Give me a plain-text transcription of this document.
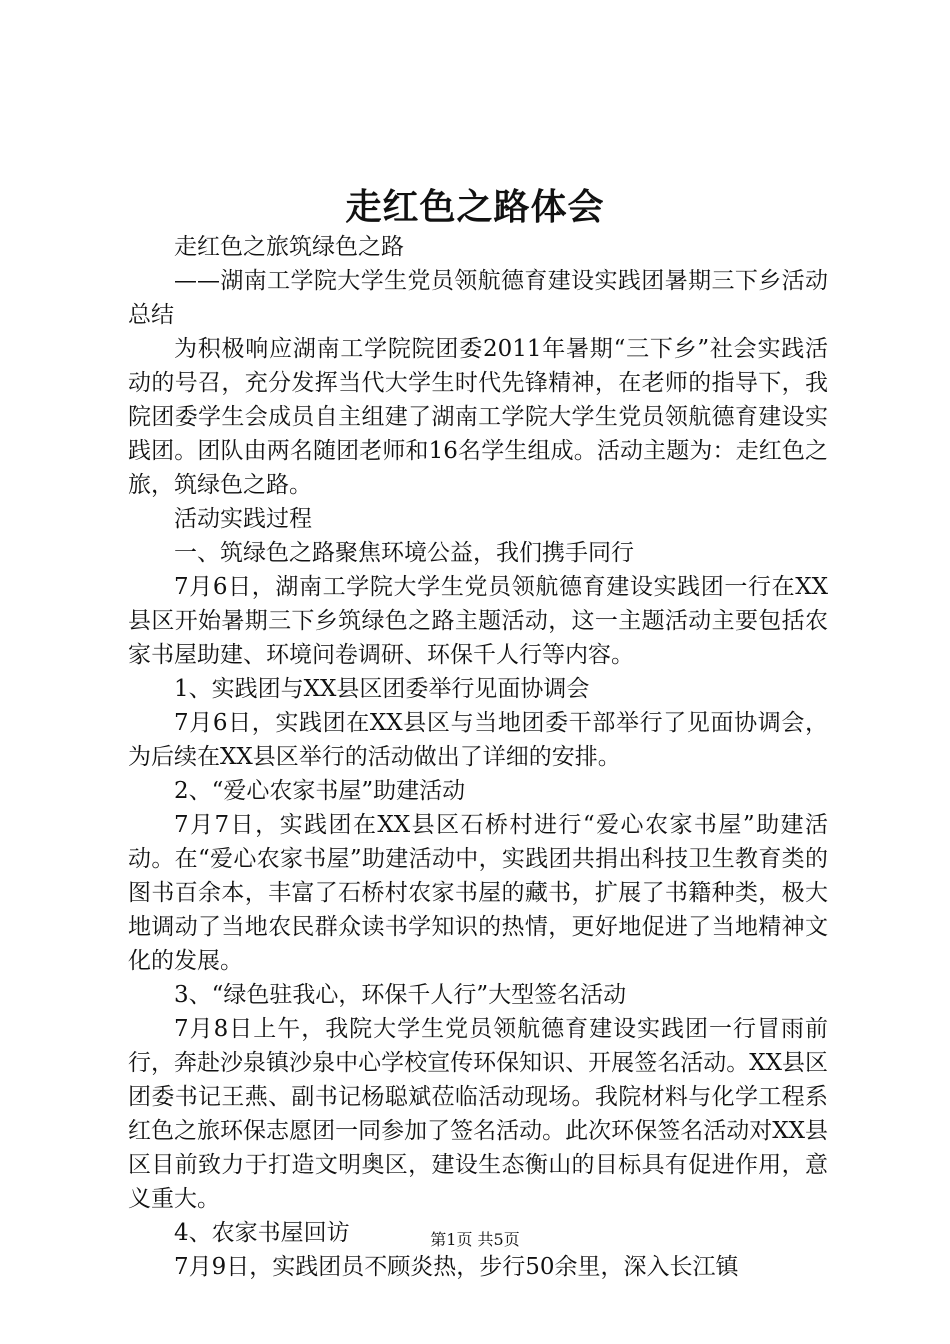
走红色之路体会

走红色之旅筑绿色之路

——湖南工学院大学生党员领航德育建设实践团暑期三下乡活动总结

为积极响应湖南工学院院团委2011年暑期“三下乡”社会实践活动的号召，充分发挥当代大学生时代先锋精神，在老师的指导下，我院团委学生会成员自主组建了湖南工学院大学生党员领航德育建设实践团。团队由两名随团老师和16名学生组成。活动主题为：走红色之旅，筑绿色之路。

活动实践过程

一、筑绿色之路聚焦环境公益，我们携手同行

7月6日，湖南工学院大学生党员领航德育建设实践团一行在XX县区开始暑期三下乡筑绿色之路主题活动，这一主题活动主要包括农家书屋助建、环境问卷调研、环保千人行等内容。

1、实践团与XX县区团委举行见面协调会

7月6日，实践团在XX县区与当地团委干部举行了见面协调会，为后续在XX县区举行的活动做出了详细的安排。

2、“爱心农家书屋”助建活动

7月7日，实践团在XX县区石桥村进行“爱心农家书屋”助建活动。在“爱心农家书屋”助建活动中，实践团共捐出科技卫生教育类的图书百余本，丰富了石桥村农家书屋的藏书，扩展了书籍种类，极大地调动了当地农民群众读书学知识的热情，更好地促进了当地精神文化的发展。

3、“绿色驻我心，环保千人行”大型签名活动

7月8日上午，我院大学生党员领航德育建设实践团一行冒雨前行，奔赴沙泉镇沙泉中心学校宣传环保知识、开展签名活动。XX县区团委书记王燕、副书记杨聪斌莅临活动现场。我院材料与化学工程系红色之旅环保志愿团一同参加了签名活动。此次环保签名活动对XX县区目前致力于打造文明奥区，建设生态衡山的目标具有促进作用，意义重大。

4、农家书屋回访

7月9日，实践团员不顾炎热，步行50余里，深入长江镇

第1页 共5页
